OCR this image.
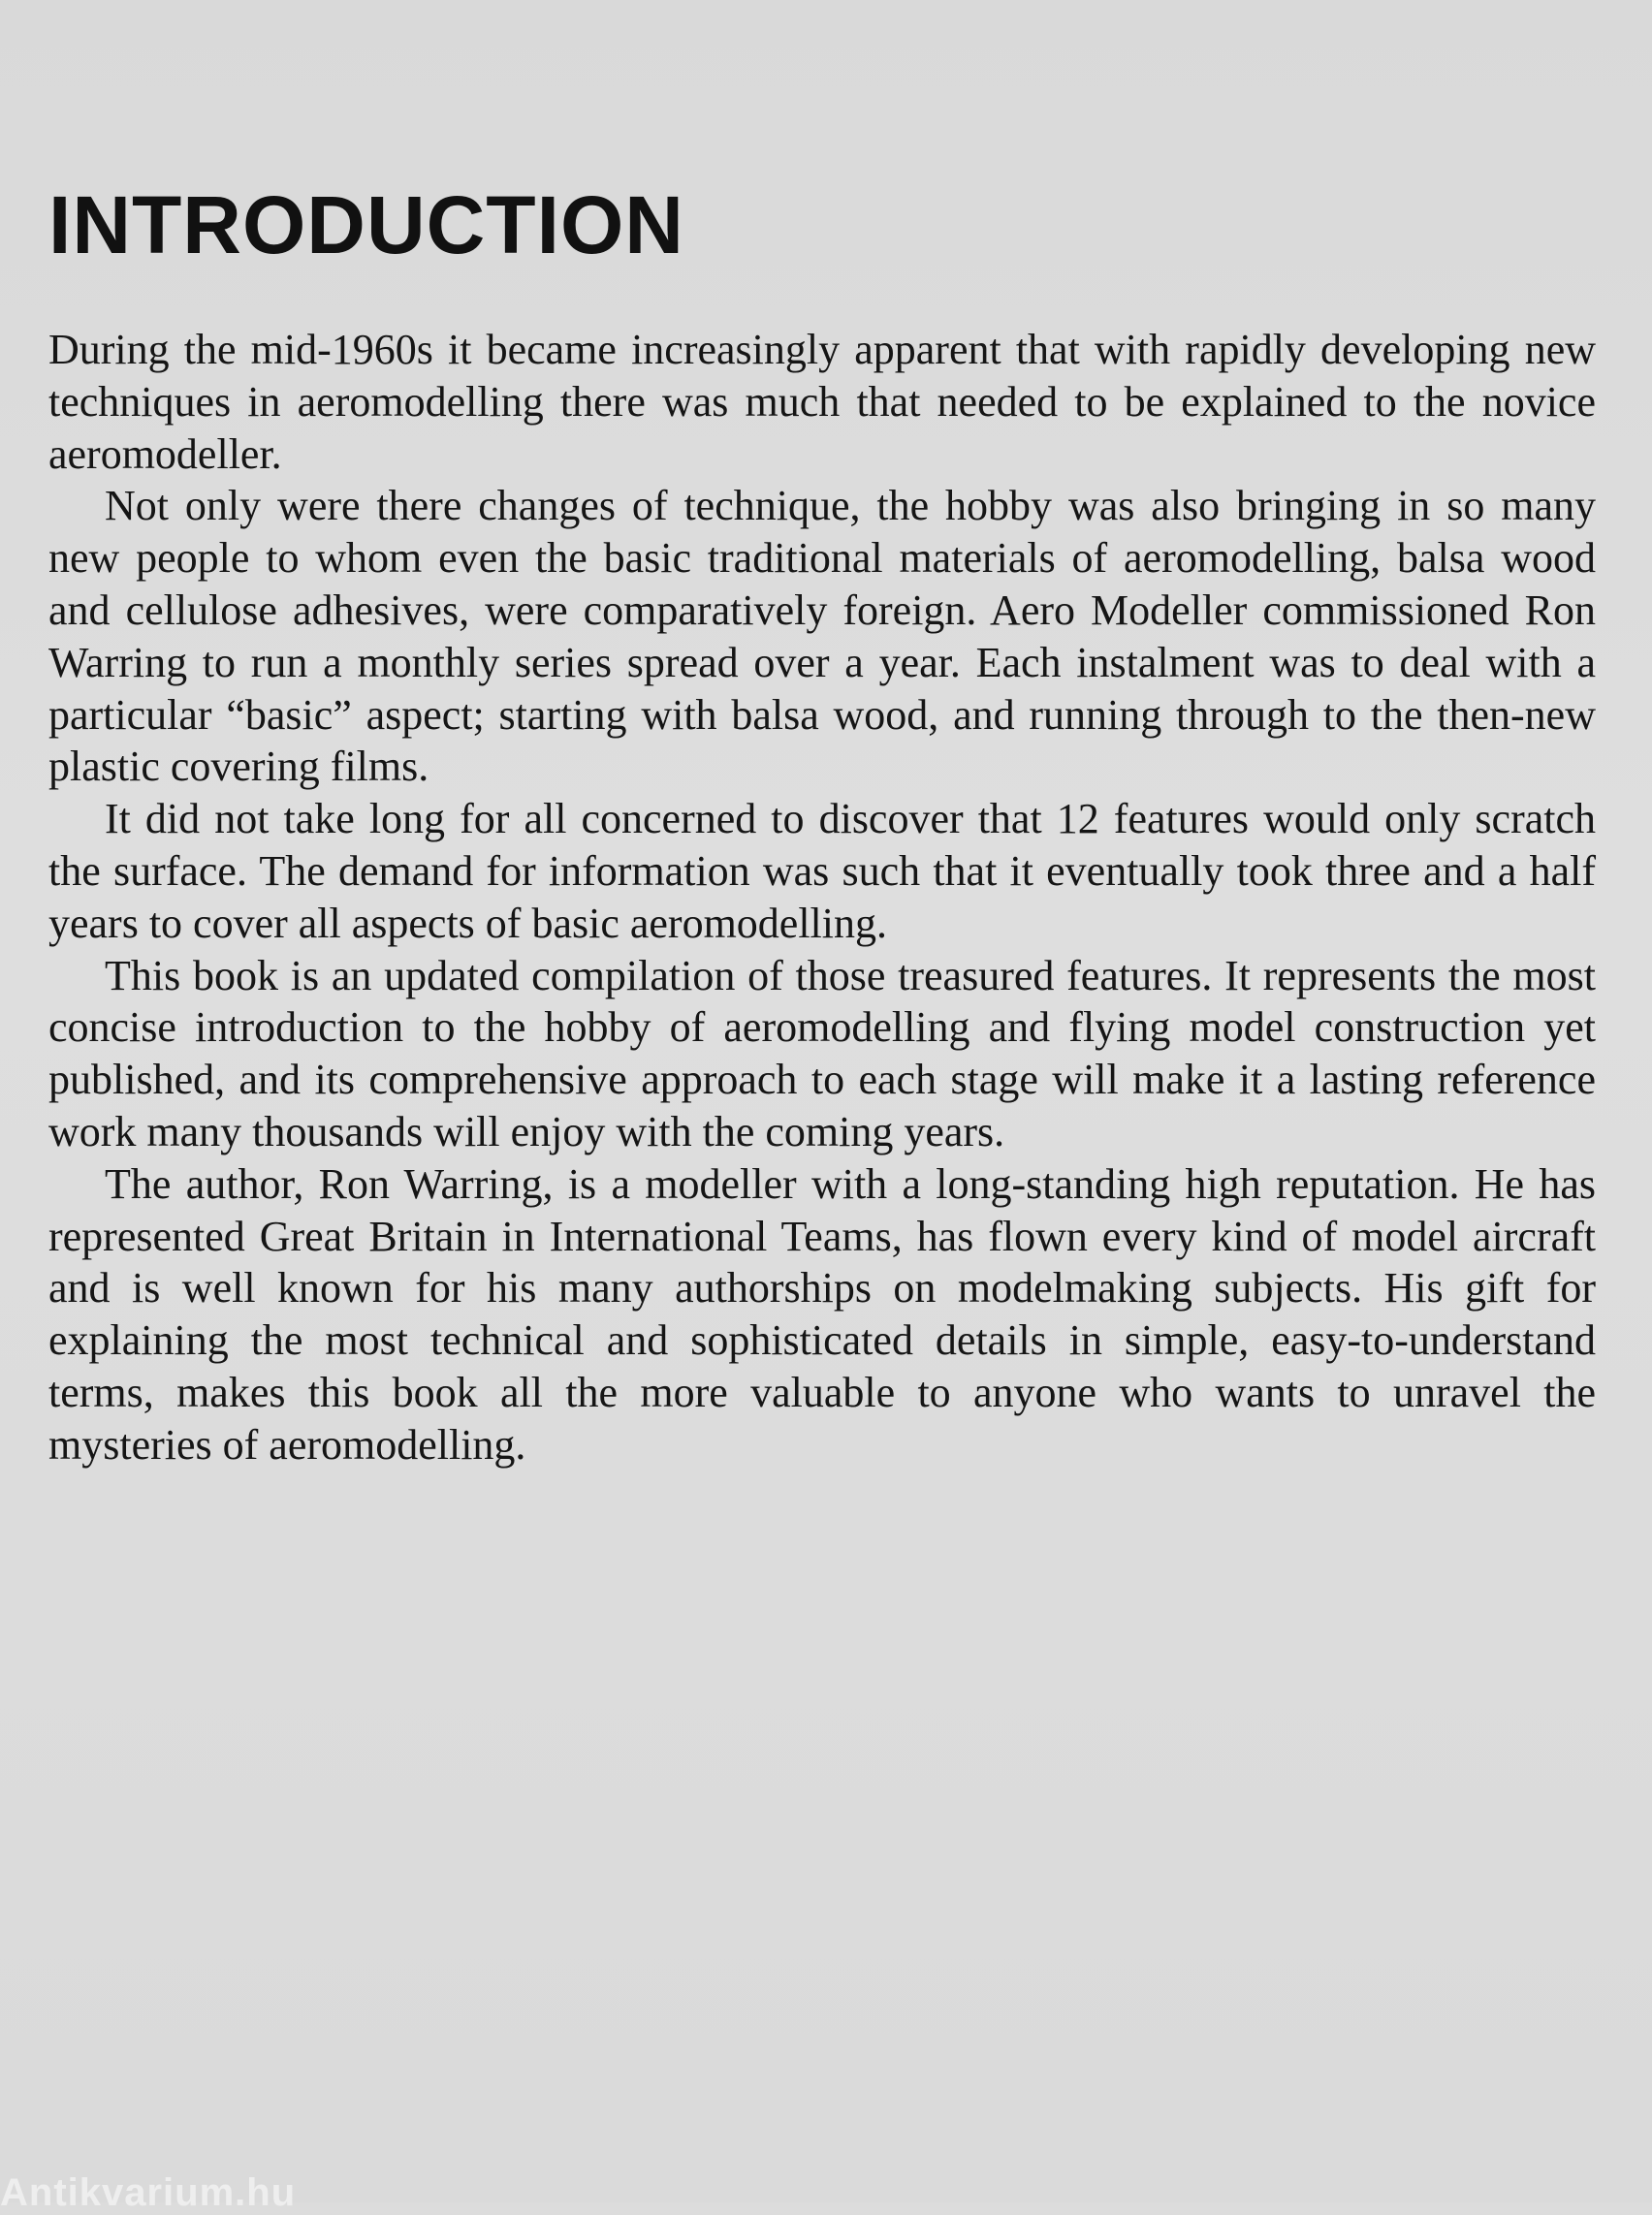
INTRODUCTION

During the mid-1960s it became increasingly apparent that with rapidly developing new techniques in aeromodelling there was much that needed to be explained to the novice aeromodeller.

Not only were there changes of technique, the hobby was also bringing in so many new people to whom even the basic traditional materials of aeromodelling, balsa wood and cellulose adhesives, were comparatively foreign. Aero Modeller commissioned Ron Warring to run a monthly series spread over a year. Each instalment was to deal with a particular “basic” aspect; starting with balsa wood, and running through to the then-new plastic covering films.

It did not take long for all concerned to discover that 12 features would only scratch the surface. The demand for information was such that it eventually took three and a half years to cover all aspects of basic aeromodelling.

This book is an updated compilation of those treasured features. It represents the most concise introduction to the hobby of aeromodelling and flying model construction yet published, and its comprehensive approach to each stage will make it a lasting reference work many thousands will enjoy with the coming years.

The author, Ron Warring, is a modeller with a long-standing high reputation. He has represented Great Britain in International Teams, has flown every kind of model aircraft and is well known for his many authorships on modelmaking subjects. His gift for explaining the most technical and sophisticated details in simple, easy-to-understand terms, makes this book all the more valuable to anyone who wants to unravel the mysteries of aeromodelling.

Antikvarium.hu
